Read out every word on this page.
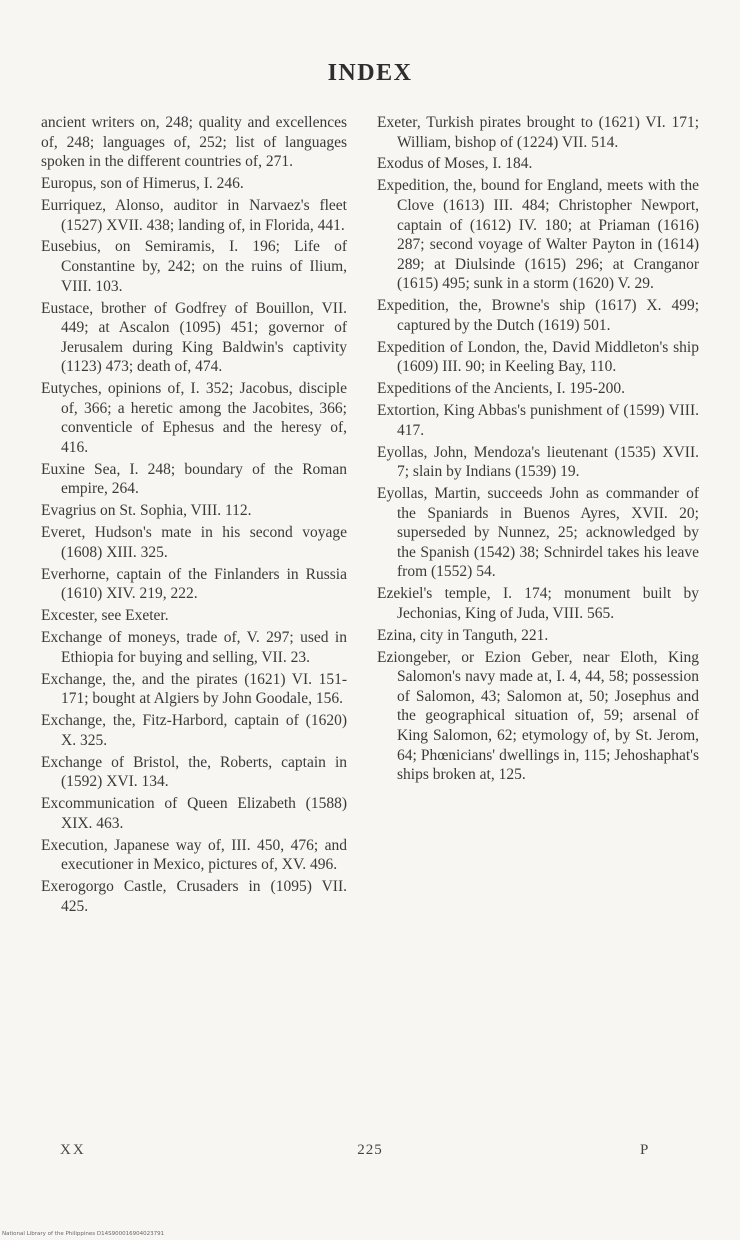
INDEX

ancient writers on, 248; quality and excellences of, 248; languages of, 252; list of languages spoken in the different countries of, 271.

Europus, son of Himerus, I. 246.

Eurriquez, Alonso, auditor in Narvaez's fleet (1527) XVII. 438; landing of, in Florida, 441.

Eusebius, on Semiramis, I. 196; Life of Constantine by, 242; on the ruins of Ilium, VIII. 103.

Eustace, brother of Godfrey of Bouillon, VII. 449; at Ascalon (1095) 451; governor of Jerusalem during King Baldwin's captivity (1123) 473; death of, 474.

Eutyches, opinions of, I. 352; Jacobus, disciple of, 366; a heretic among the Jacobites, 366; conventicle of Ephesus and the heresy of, 416.

Euxine Sea, I. 248; boundary of the Roman empire, 264.

Evagrius on St. Sophia, VIII. 112.

Everet, Hudson's mate in his second voyage (1608) XIII. 325.

Everhorne, captain of the Finlanders in Russia (1610) XIV. 219, 222.

Excester, see Exeter.

Exchange of moneys, trade of, V. 297; used in Ethiopia for buying and selling, VII. 23.

Exchange, the, and the pirates (1621) VI. 151-171; bought at Algiers by John Goodale, 156.

Exchange, the, Fitz-Harbord, captain of (1620) X. 325.

Exchange of Bristol, the, Roberts, captain in (1592) XVI. 134.

Excommunication of Queen Elizabeth (1588) XIX. 463.

Execution, Japanese way of, III. 450, 476; and executioner in Mexico, pictures of, XV. 496.

Exerogorgo Castle, Crusaders in (1095) VII. 425.

Exeter, Turkish pirates brought to (1621) VI. 171; William, bishop of (1224) VII. 514.

Exodus of Moses, I. 184.

Expedition, the, bound for England, meets with the Clove (1613) III. 484; Christopher Newport, captain of (1612) IV. 180; at Priaman (1616) 287; second voyage of Walter Payton in (1614) 289; at Diulsinde (1615) 296; at Cranganor (1615) 495; sunk in a storm (1620) V. 29.

Expedition, the, Browne's ship (1617) X. 499; captured by the Dutch (1619) 501.

Expedition of London, the, David Middleton's ship (1609) III. 90; in Keeling Bay, 110.

Expeditions of the Ancients, I. 195-200.

Extortion, King Abbas's punishment of (1599) VIII. 417.

Eyollas, John, Mendoza's lieutenant (1535) XVII. 7; slain by Indians (1539) 19.

Eyollas, Martin, succeeds John as commander of the Spaniards in Buenos Ayres, XVII. 20; superseded by Nunnez, 25; acknowledged by the Spanish (1542) 38; Schnirdel takes his leave from (1552) 54.

Ezekiel's temple, I. 174; monument built by Jechonias, King of Juda, VIII. 565.

Ezina, city in Tanguth, 221.

Eziongeber, or Ezion Geber, near Eloth, King Salomon's navy made at, I. 4, 44, 58; possession of Salomon, 43; Salomon at, 50; Josephus and the geographical situation of, 59; arsenal of King Salomon, 62; etymology of, by St. Jerom, 64; Phœnicians' dwellings in, 115; Jehoshaphat's ships broken at, 125.

XX	225	P
National Library of the Philippines D14S900016904023791
